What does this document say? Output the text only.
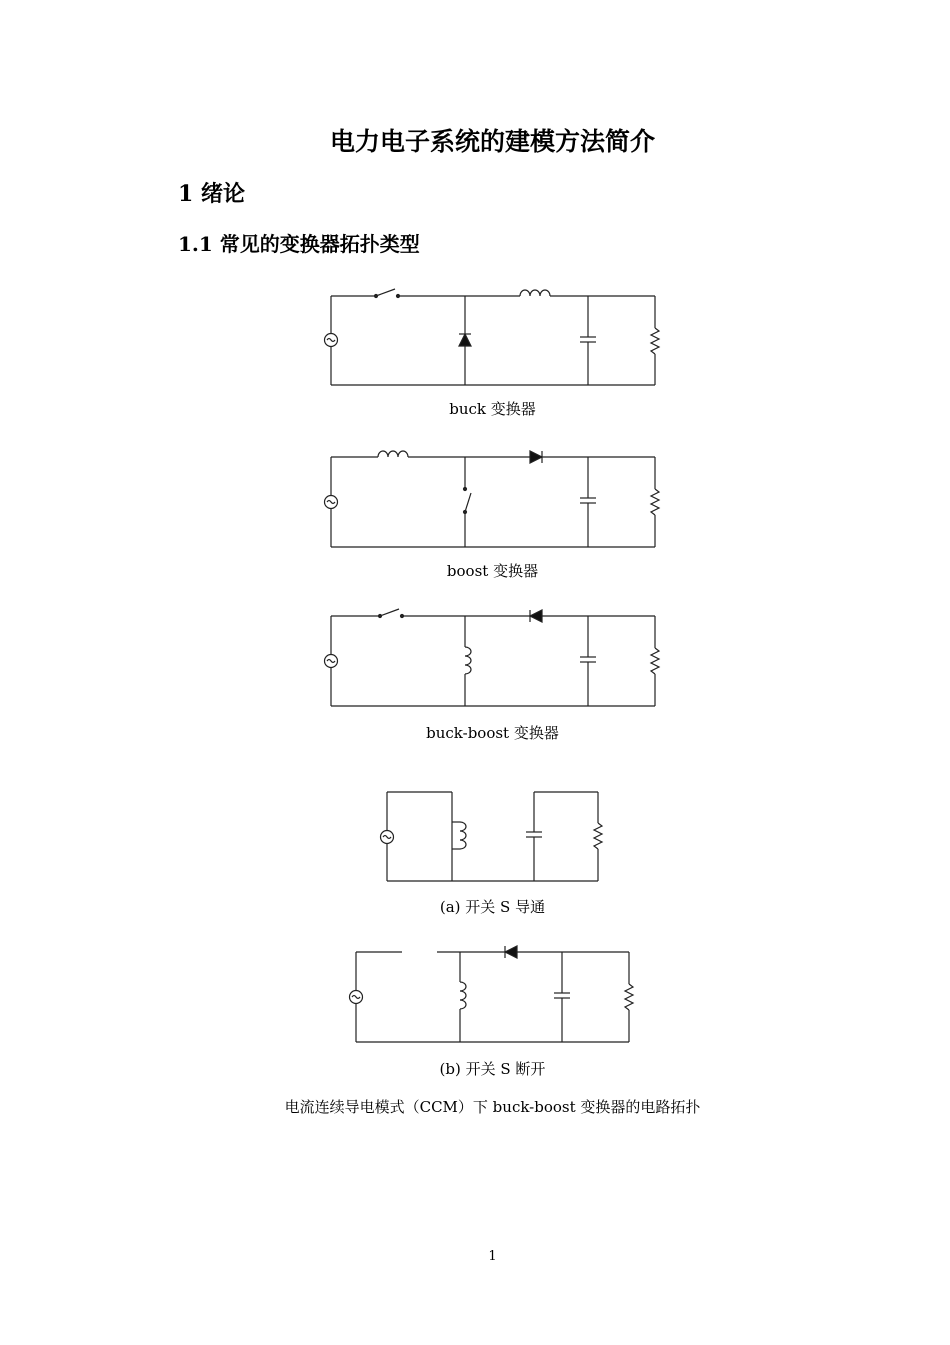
电力电子系统的建模方法简介
1 绪论
1.1 常见的变换器拓扑类型
buck 变换器
boost 变换器
buck-boost 变换器
(a) 开关 S 导通
(b) 开关 S 断开
电流连续导电模式（CCM）下 buck-boost 变换器的电路拓扑
1
